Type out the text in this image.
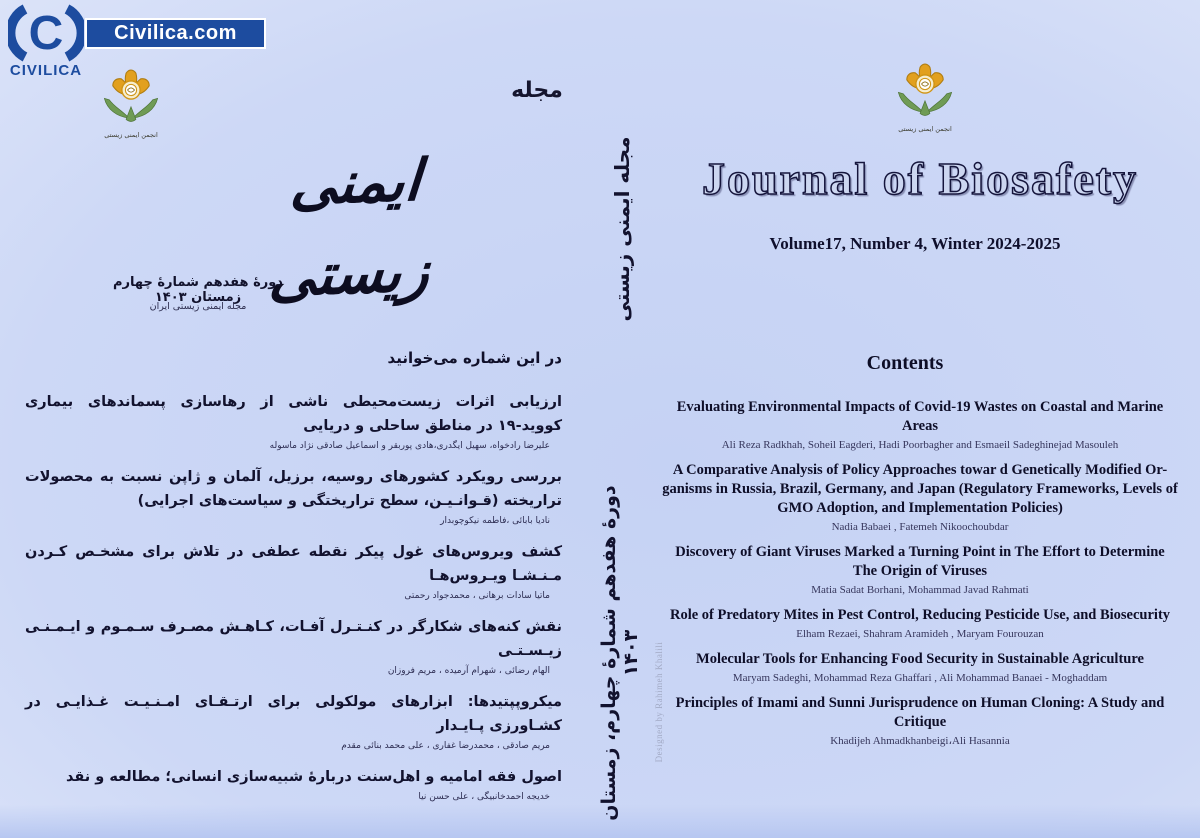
C
CIVILICA
Civilica.com
انجمن ایمنی زیستی
مجله
ایمنی زیستی
دورهٔ هفدهم شمارهٔ چهارم زمستان ۱۴۰۳
مجله ایمنی زیستی ایران
در این شماره می‌خوانید
ارزیابی اثرات زیست‌محیطی ناشی از رهاسازی پسماندهای بیماری کووید-۱۹ در مناطق ساحلی و دریایی
علیرضا رادخواه، سهیل ایگدری،هادی پوربقر و اسماعیل صادقی نژاد ماسوله
بررسی رویکرد کشورهای روسیه، برزیل، آلمان و ژاپن نسبت به محصولات تراریخته (قـوانـیـن، سطح تراریختگی و سیاست‌های اجرایی)
نادیا بابائی ،فاطمه نیکوچوبدار
کشف ویروس‌های غول پیکر نقطه عطفی در تلاش برای مشخـص کـردن مـنـشـا ویـروس‌هـا
ماتیا سادات برهانی ، محمدجواد رحمتی
نقش کنه‌های شکارگر در کنـتـرل آفـات، کـاهـش مصـرف سـمـوم و ایـمـنـی زیـسـتـی
الهام رضائی ، شهرام آرمیده ، مریم فروزان
میکروپپتیدها: ابزارهای مولکولی برای ارتـقـای امـنـیـت غـذایـی در کشـاورزی پـایـدار
مریم صادقی ، محمدرضا غفاری ، علی محمد بنائی مقدم
اصول فقه امامیه و اهل‌سنت دربارهٔ شبیه‌سازی انسانی؛ مطالعه و نقد
خدیجه احمدخانبیگی ، علی حسن نیا
مجله ایمنی زیستی
دورهٔ هفدهم شمارهٔ چهارم، زمستان ۱۴۰۳ Designed by Rahimeh Khalili
انجمن ایمنی زیستی
Journal of Biosafety
Volume17, Number 4, Winter 2024-2025
Contents
Evaluating Environmental Impacts of Covid-19 Wastes on Coastal and Marine Areas
Ali Reza Radkhah, Soheil Eagderi, Hadi Poorbagher and Esmaeil Sadeghinejad Masouleh
A Comparative Analysis of Policy Approaches towar d Genetically Modified Or-ganisms in Russia, Brazil, Germany, and Japan (Regulatory Frameworks, Levels of GMO Adoption, and Implementation Policies)
Nadia Babaei , Fatemeh Nikoochoubdar
Discovery of Giant Viruses Marked a Turning Point in The Effort to Determine The Origin of Viruses
Matia Sadat Borhani, Mohammad Javad Rahmati
Role of Predatory Mites in Pest Control, Reducing Pesticide Use, and Biosecurity
Elham Rezaei, Shahram Aramideh , Maryam Fourouzan
Molecular Tools for Enhancing Food Security in Sustainable Agriculture
Maryam Sadeghi, Mohammad Reza Ghaffari , Ali Mohammad Banaei - Moghaddam
Principles of Imami and Sunni Jurisprudence on Human Cloning: A Study and Critique
Khadijeh Ahmadkhanbeigi،Ali Hasannia
